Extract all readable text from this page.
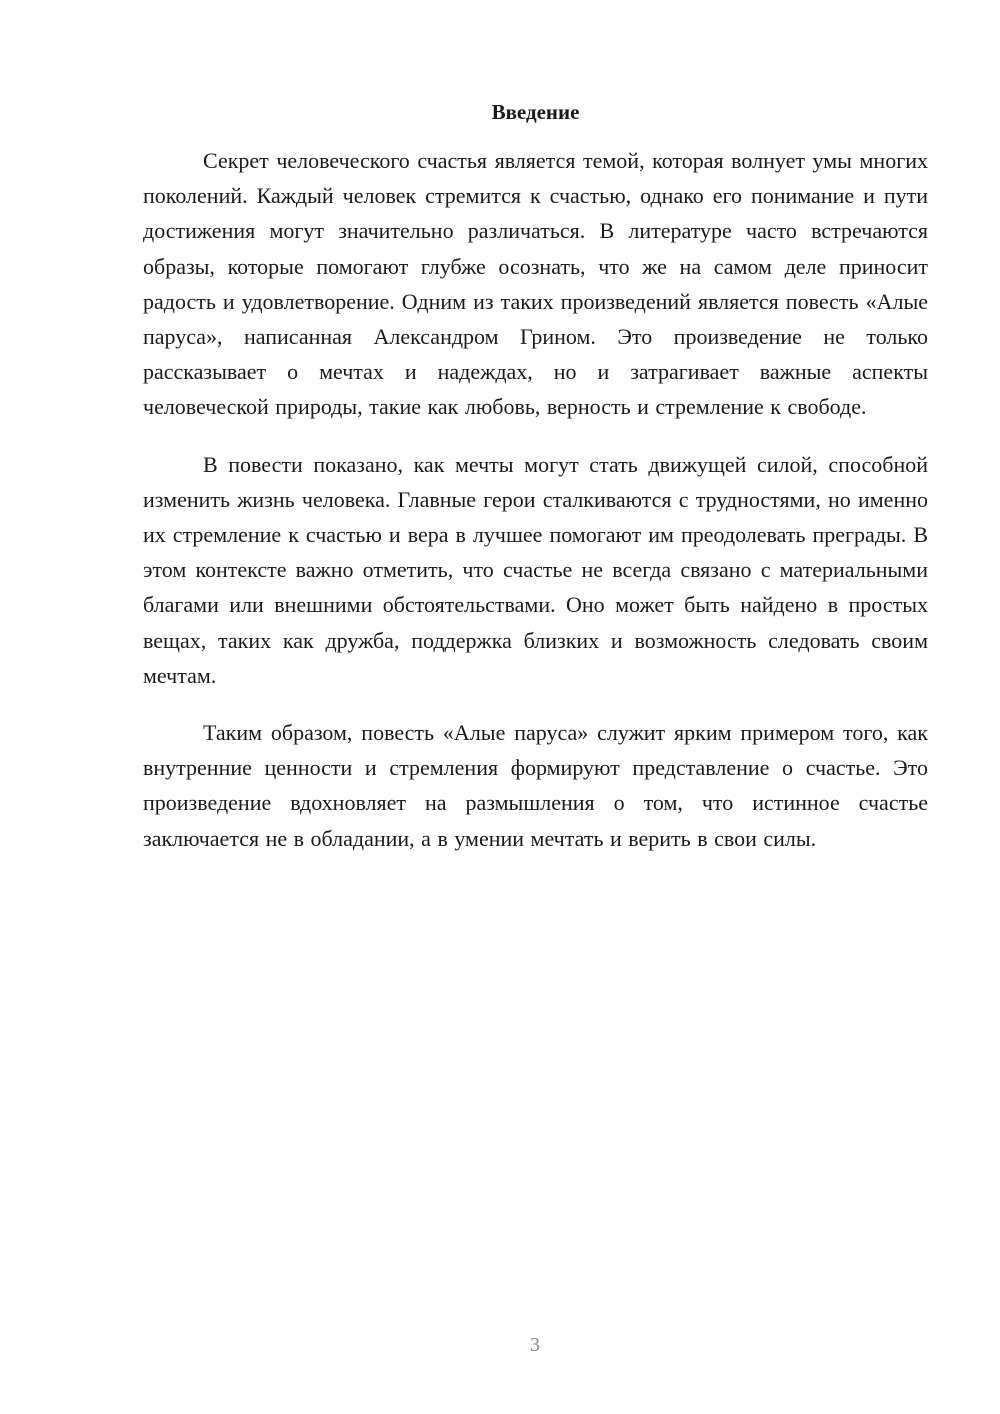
Введение

Секрет человеческого счастья является темой, которая волнует умы многих поколений. Каждый человек стремится к счастью, однако его понимание и пути достижения могут значительно различаться. В литературе часто встречаются образы, которые помогают глубже осознать, что же на самом деле приносит радость и удовлетворение. Одним из таких произведений является повесть «Алые паруса», написанная Александром Грином. Это произведение не только рассказывает о мечтах и надеждах, но и затрагивает важные аспекты человеческой природы, такие как любовь, верность и стремление к свободе.

В повести показано, как мечты могут стать движущей силой, способной изменить жизнь человека. Главные герои сталкиваются с трудностями, но именно их стремление к счастью и вера в лучшее помогают им преодолевать преграды. В этом контексте важно отметить, что счастье не всегда связано с материальными благами или внешними обстоятельствами. Оно может быть найдено в простых вещах, таких как дружба, поддержка близких и возможность следовать своим мечтам.

Таким образом, повесть «Алые паруса» служит ярким примером того, как внутренние ценности и стремления формируют представление о счастье. Это произведение вдохновляет на размышления о том, что истинное счастье заключается не в обладании, а в умении мечтать и верить в свои силы.

3
